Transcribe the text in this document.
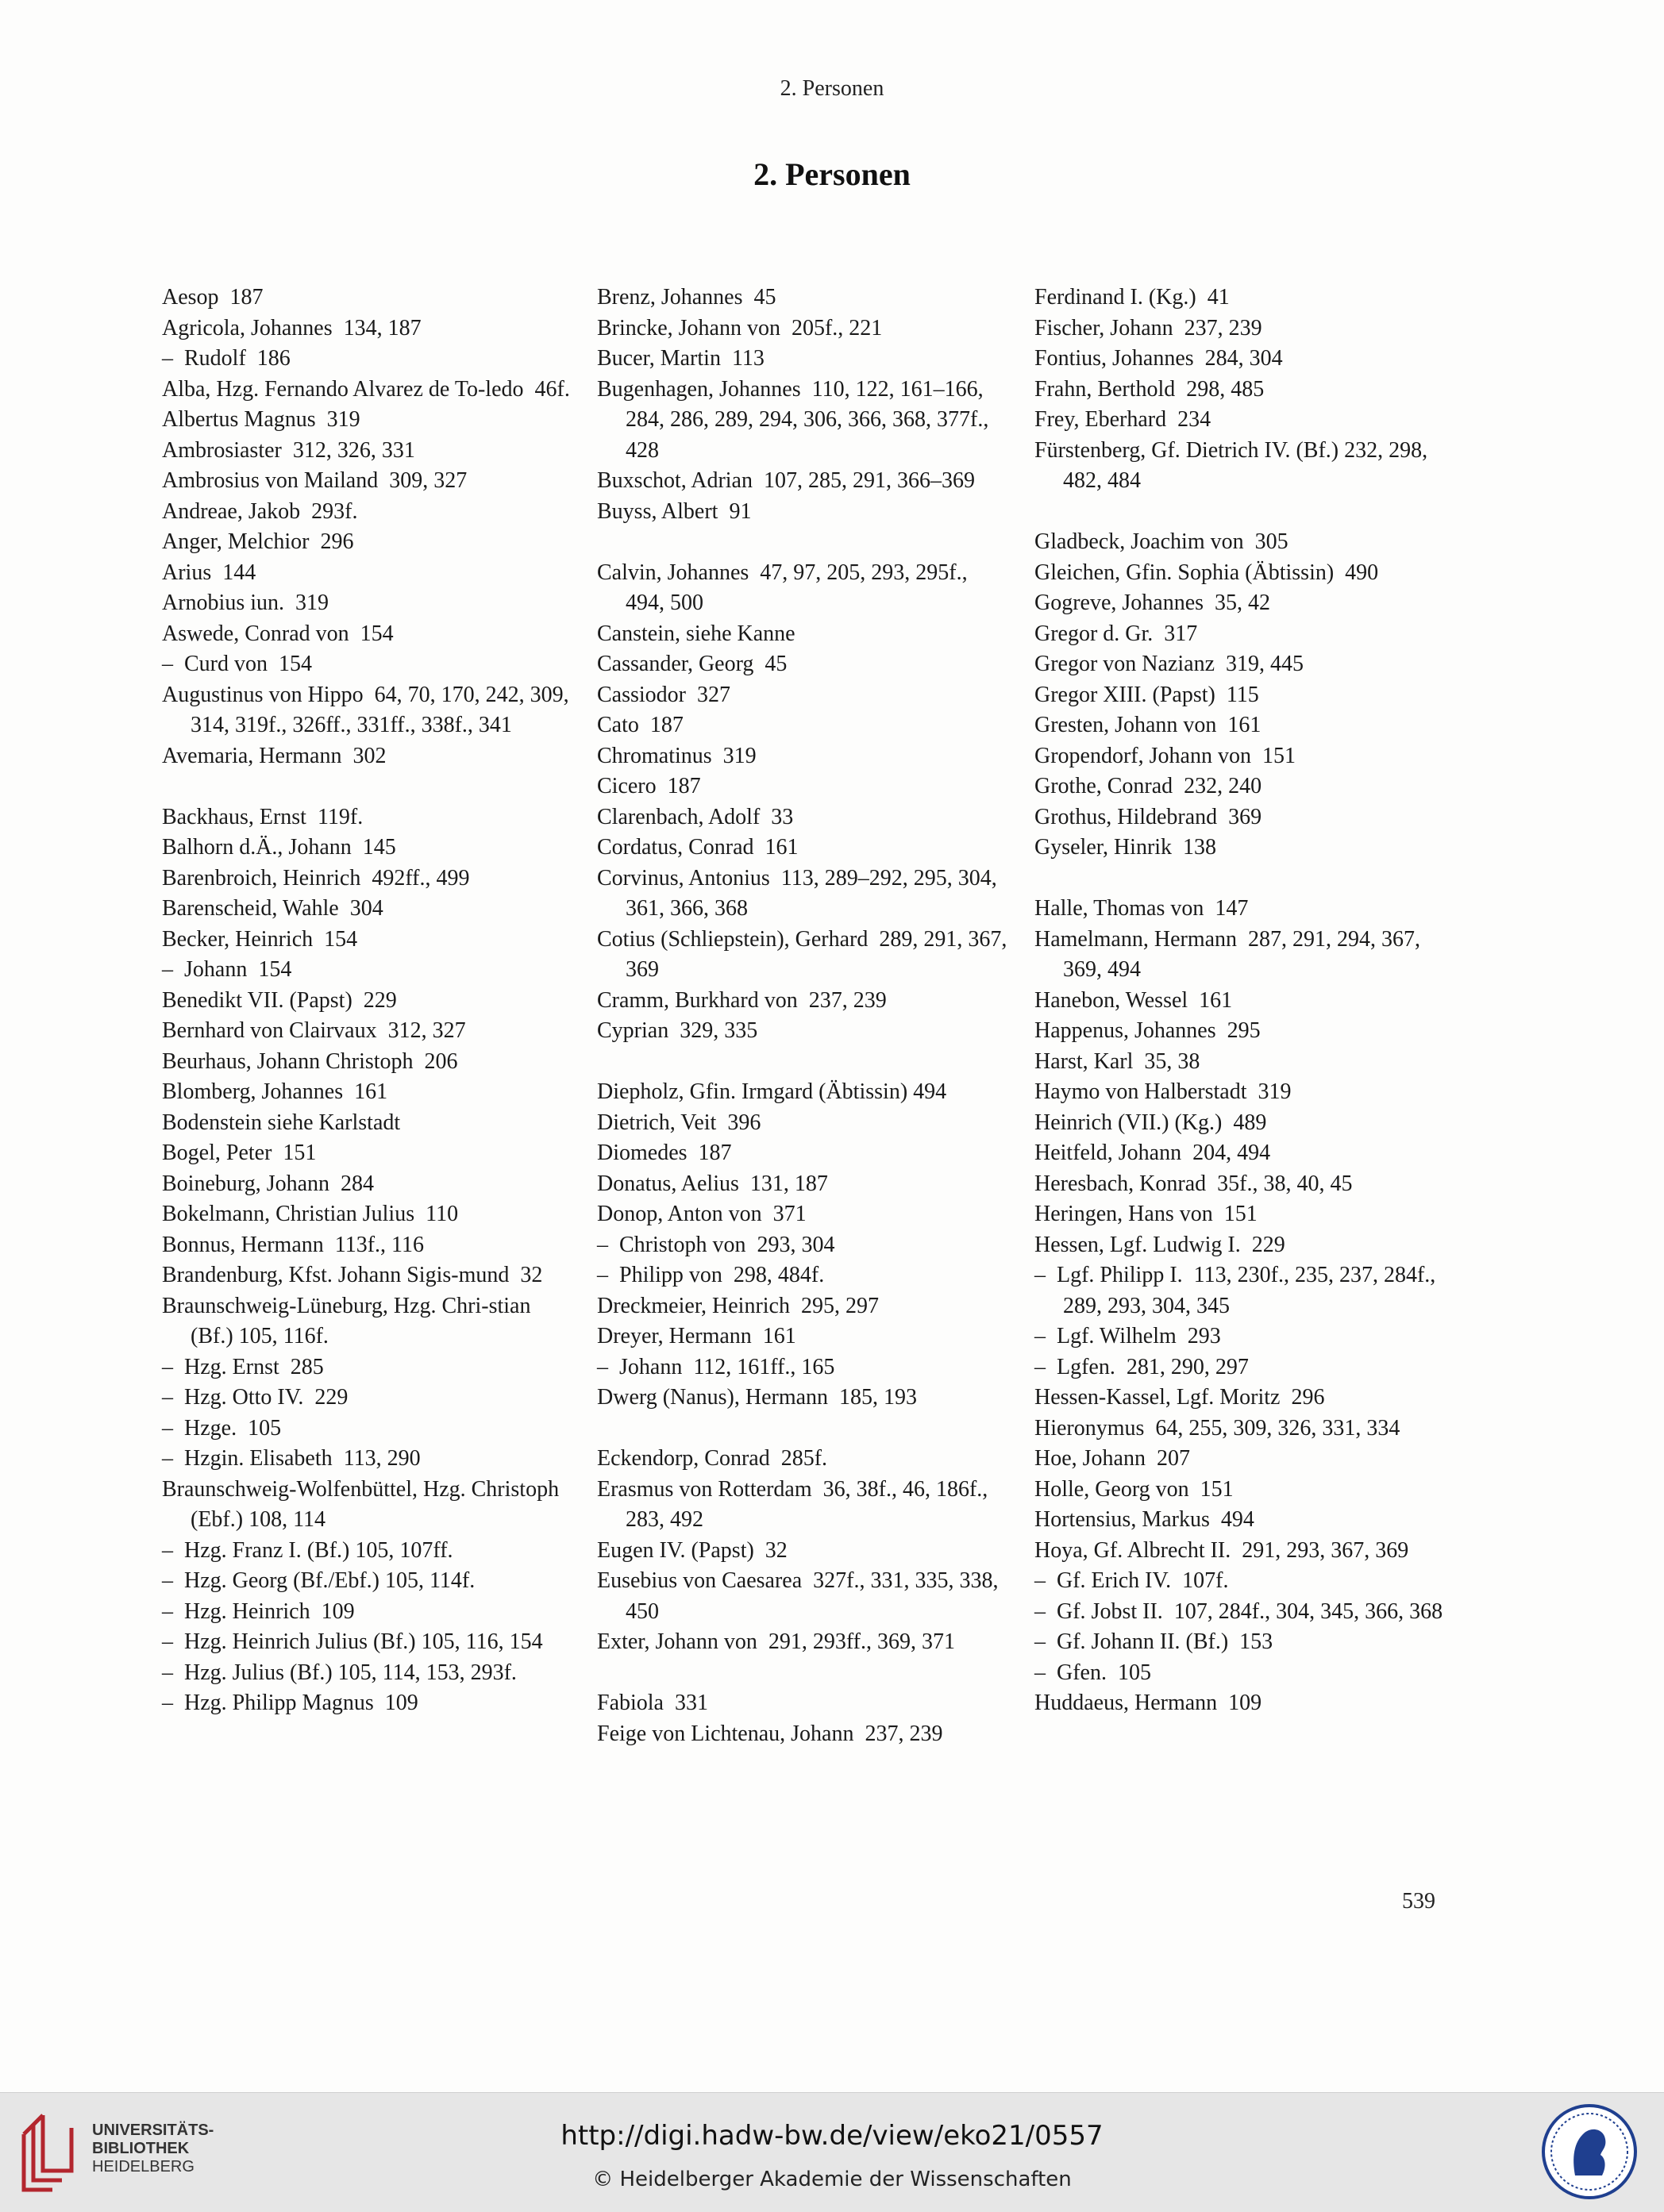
2. Personen
2. Personen
Aesop  187
Agricola, Johannes  134, 187
–  Rudolf  186
Alba, Hzg. Fernando Alvarez de To-ledo  46f.
Albertus Magnus  319
Ambrosiaster  312, 326, 331
Ambrosius von Mailand  309, 327
Andreae, Jakob  293f.
Anger, Melchior  296
Arius  144
Arnobius iun.  319
Aswede, Conrad von  154
–  Curd von  154
Augustinus von Hippo  64, 70, 170, 242, 309, 314, 319f., 326ff., 331ff., 338f., 341
Avemaria, Hermann  302
Backhaus, Ernst  119f.
Balhorn d.Ä., Johann  145
Barenbroich, Heinrich  492ff., 499
Barenscheid, Wahle  304
Becker, Heinrich  154
–  Johann  154
Benedikt VII. (Papst)  229
Bernhard von Clairvaux  312, 327
Beurhaus, Johann Christoph  206
Blomberg, Johannes  161
Bodenstein siehe Karlstadt
Bogel, Peter  151
Boineburg, Johann  284
Bokelmann, Christian Julius  110
Bonnus, Hermann  113f., 116
Brandenburg, Kfst. Johann Sigis-mund  32
Braunschweig-Lüneburg, Hzg. Chri-stian (Bf.) 105, 116f.
–  Hzg. Ernst  285
–  Hzg. Otto IV.  229
–  Hzge.  105
–  Hzgin. Elisabeth  113, 290
Braunschweig-Wolfenbüttel, Hzg. Christoph (Ebf.) 108, 114
–  Hzg. Franz I. (Bf.) 105, 107ff.
–  Hzg. Georg (Bf./Ebf.) 105, 114f.
–  Hzg. Heinrich  109
–  Hzg. Heinrich Julius (Bf.) 105, 116, 154
–  Hzg. Julius (Bf.) 105, 114, 153, 293f.
–  Hzg. Philipp Magnus  109
Brenz, Johannes  45
Brincke, Johann von  205f., 221
Bucer, Martin  113
Bugenhagen, Johannes  110, 122, 161–166, 284, 286, 289, 294, 306, 366, 368, 377f., 428
Buxschot, Adrian  107, 285, 291, 366–369
Buyss, Albert  91
Calvin, Johannes  47, 97, 205, 293, 295f., 494, 500
Canstein, siehe Kanne
Cassander, Georg  45
Cassiodor  327
Cato  187
Chromatinus  319
Cicero  187
Clarenbach, Adolf  33
Cordatus, Conrad  161
Corvinus, Antonius  113, 289–292, 295, 304, 361, 366, 368
Cotius (Schliepstein), Gerhard  289, 291, 367, 369
Cramm, Burkhard von  237, 239
Cyprian  329, 335
Diepholz, Gfin. Irmgard (Äbtissin) 494
Dietrich, Veit  396
Diomedes  187
Donatus, Aelius  131, 187
Donop, Anton von  371
–  Christoph von  293, 304
–  Philipp von  298, 484f.
Dreckmeier, Heinrich  295, 297
Dreyer, Hermann  161
–  Johann  112, 161ff., 165
Dwerg (Nanus), Hermann  185, 193
Eckendorp, Conrad  285f.
Erasmus von Rotterdam  36, 38f., 46, 186f., 283, 492
Eugen IV. (Papst)  32
Eusebius von Caesarea  327f., 331, 335, 338, 450
Exter, Johann von  291, 293ff., 369, 371
Fabiola  331
Feige von Lichtenau, Johann  237, 239
Ferdinand I. (Kg.)  41
Fischer, Johann  237, 239
Fontius, Johannes  284, 304
Frahn, Berthold  298, 485
Frey, Eberhard  234
Fürstenberg, Gf. Dietrich IV. (Bf.) 232, 298, 482, 484
Gladbeck, Joachim von  305
Gleichen, Gfin. Sophia (Äbtissin)  490
Gogreve, Johannes  35, 42
Gregor d. Gr.  317
Gregor von Nazianz  319, 445
Gregor XIII. (Papst)  115
Gresten, Johann von  161
Gropendorf, Johann von  151
Grothe, Conrad  232, 240
Grothus, Hildebrand  369
Gyseler, Hinrik  138
Halle, Thomas von  147
Hamelmann, Hermann  287, 291, 294, 367, 369, 494
Hanebon, Wessel  161
Happenus, Johannes  295
Harst, Karl  35, 38
Haymo von Halberstadt  319
Heinrich (VII.) (Kg.)  489
Heitfeld, Johann  204, 494
Heresbach, Konrad  35f., 38, 40, 45
Heringen, Hans von  151
Hessen, Lgf. Ludwig I.  229
–  Lgf. Philipp I.  113, 230f., 235, 237, 284f., 289, 293, 304, 345
–  Lgf. Wilhelm  293
–  Lgfen.  281, 290, 297
Hessen-Kassel, Lgf. Moritz  296
Hieronymus  64, 255, 309, 326, 331, 334
Hoe, Johann  207
Holle, Georg von  151
Hortensius, Markus  494
Hoya, Gf. Albrecht II.  291, 293, 367, 369
–  Gf. Erich IV.  107f.
–  Gf. Jobst II.  107, 284f., 304, 345, 366, 368
–  Gf. Johann II. (Bf.)  153
–  Gfen.  105
Huddaeus, Hermann  109
539
UNIVERSITÄTS-
BIBLIOTHEK
HEIDELBERG
http://digi.hadw-bw.de/view/eko21/0557
© Heidelberger Akademie der Wissenschaften
